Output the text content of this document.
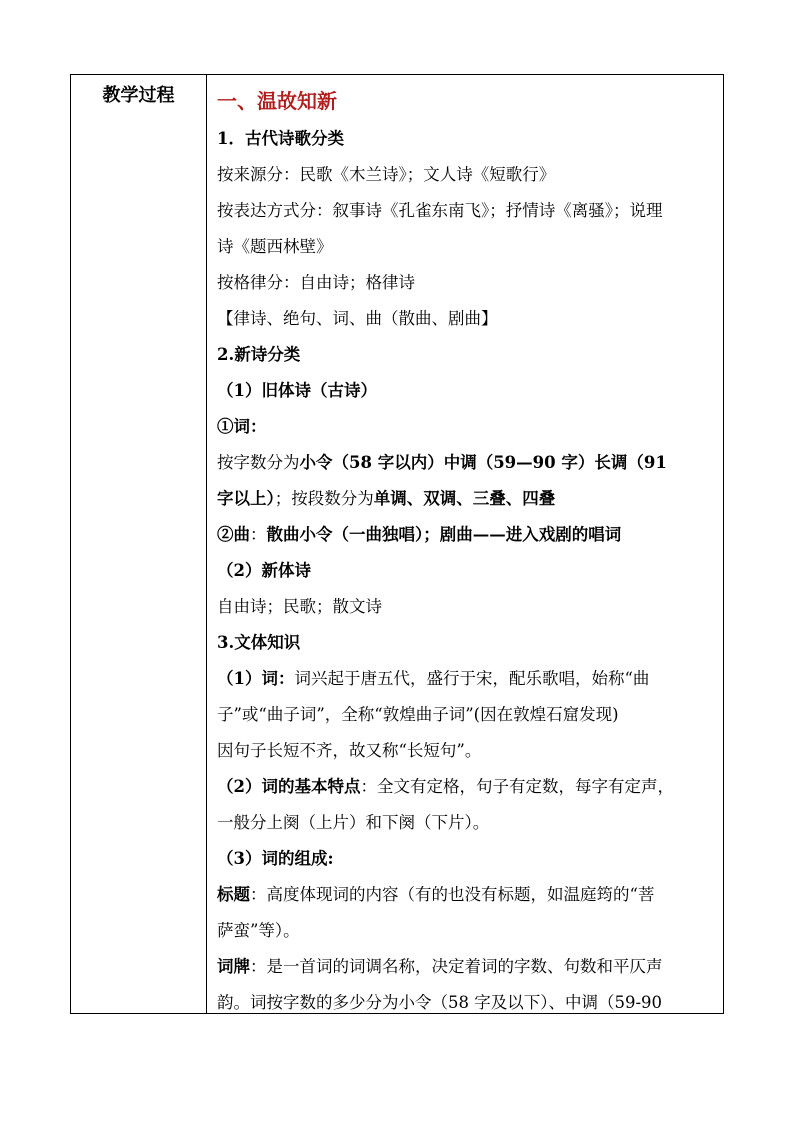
教学过程	一、温故知新
1．古代诗歌分类
按来源分：民歌《木兰诗》；文人诗《短歌行》
按表达方式分：叙事诗《孔雀东南飞》；抒情诗《离骚》；说理
诗《题西林壁》
按格律分：自由诗；格律诗
【律诗、绝句、词、曲（散曲、剧曲】
2.新诗分类
（1）旧体诗（古诗）
①词：
按字数分为小令（58 字以内）中调（59—90 字）长调（91
字以上）；按段数分为单调、双调、三叠、四叠
②曲：散曲小令（一曲独唱）；剧曲——进入戏剧的唱词
（2）新体诗
自由诗；民歌；散文诗
3.文体知识
（1）词：词兴起于唐五代，盛行于宋，配乐歌唱，始称“曲
子”或“曲子词”，全称“敦煌曲子词”(因在敦煌石窟发现)
因句子长短不齐，故又称“长短句”。
（2）词的基本特点：全文有定格，句子有定数，每字有定声，
一般分上阕（上片）和下阕（下片）。
（3）词的组成:
标题：高度体现词的内容（有的也没有标题，如温庭筠的“菩
萨蛮”等）。
词牌：是一首词的词调名称，决定着词的字数、句数和平仄声
韵。词按字数的多少分为小令（58 字及以下）、中调（59-90
